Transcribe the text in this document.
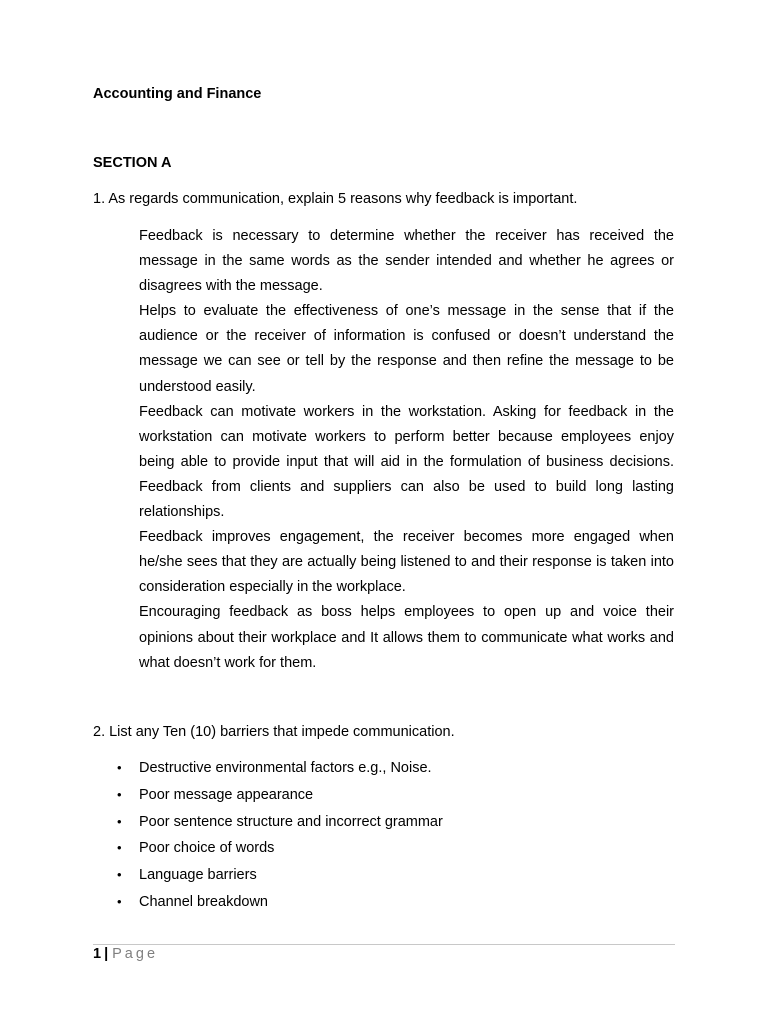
Accounting and Finance

SECTION A

1. As regards communication, explain 5 reasons why feedback is important.

Feedback is necessary to determine whether the receiver has received the message in the same words as the sender intended and whether he agrees or disagrees with the message.

Helps to evaluate the effectiveness of one’s message in the sense that if the audience or the receiver of information is confused or doesn’t understand the message we can see or tell by the response and then refine the message to be understood easily.

Feedback can motivate workers in the workstation. Asking for feedback in the workstation can motivate workers to perform better because employees enjoy being able to provide input that will aid in the formulation of business decisions. Feedback from clients and suppliers can also be used to build long lasting relationships.

Feedback improves engagement, the receiver becomes more engaged when he/she sees that they are actually being listened to and their response is taken into consideration especially in the workplace.

Encouraging feedback as boss helps employees to open up and voice their opinions about their workplace and It allows them to communicate what works and what doesn’t work for them.

2. List any Ten (10) barriers that impede communication.

• Destructive environmental factors e.g., Noise.
• Poor message appearance
• Poor sentence structure and incorrect grammar
• Poor choice of words
• Language barriers
• Channel breakdown
1 | Page
